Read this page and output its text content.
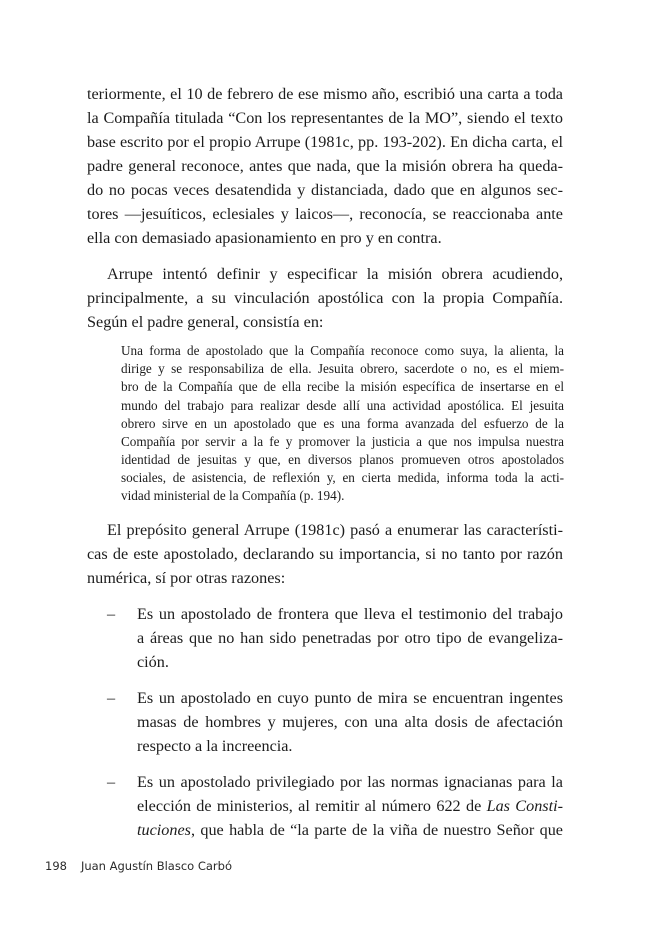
teriormente, el 10 de febrero de ese mismo año, escribió una carta a toda
la Compañía titulada “Con los representantes de la MO”, siendo el texto
base escrito por el propio Arrupe (1981c, pp. 193-202). En dicha carta, el
padre general reconoce, antes que nada, que la misión obrera ha queda-
do no pocas veces desatendida y distanciada, dado que en algunos sec-
tores —jesuíticos, eclesiales y laicos—, reconocía, se reaccionaba ante
ella con demasiado apasionamiento en pro y en contra.
Arrupe intentó definir y especificar la misión obrera acudiendo,
principalmente, a su vinculación apostólica con la propia Compañía.
Según el padre general, consistía en:
Una forma de apostolado que la Compañía reconoce como suya, la alienta, la
dirige y se responsabiliza de ella. Jesuita obrero, sacerdote o no, es el miem-
bro de la Compañía que de ella recibe la misión específica de insertarse en el
mundo del trabajo para realizar desde allí una actividad apostólica. El jesuita
obrero sirve en un apostolado que es una forma avanzada del esfuerzo de la
Compañía por servir a la fe y promover la justicia a que nos impulsa nuestra
identidad de jesuitas y que, en diversos planos promueven otros apostolados
sociales, de asistencia, de reflexión y, en cierta medida, informa toda la acti-
vidad ministerial de la Compañía (p. 194).
El prepósito general Arrupe (1981c) pasó a enumerar las característi-
cas de este apostolado, declarando su importancia, si no tanto por razón
numérica, sí por otras razones:
– Es un apostolado de frontera que lleva el testimonio del trabajo
a áreas que no han sido penetradas por otro tipo de evangeliza-
ción.
– Es un apostolado en cuyo punto de mira se encuentran ingentes
masas de hombres y mujeres, con una alta dosis de afectación
respecto a la increencia.
– Es un apostolado privilegiado por las normas ignacianas para la
elección de ministerios, al remitir al número 622 de Las Consti-
tuciones, que habla de “la parte de la viña de nuestro Señor que
198 Juan Agustín Blasco Carbó
